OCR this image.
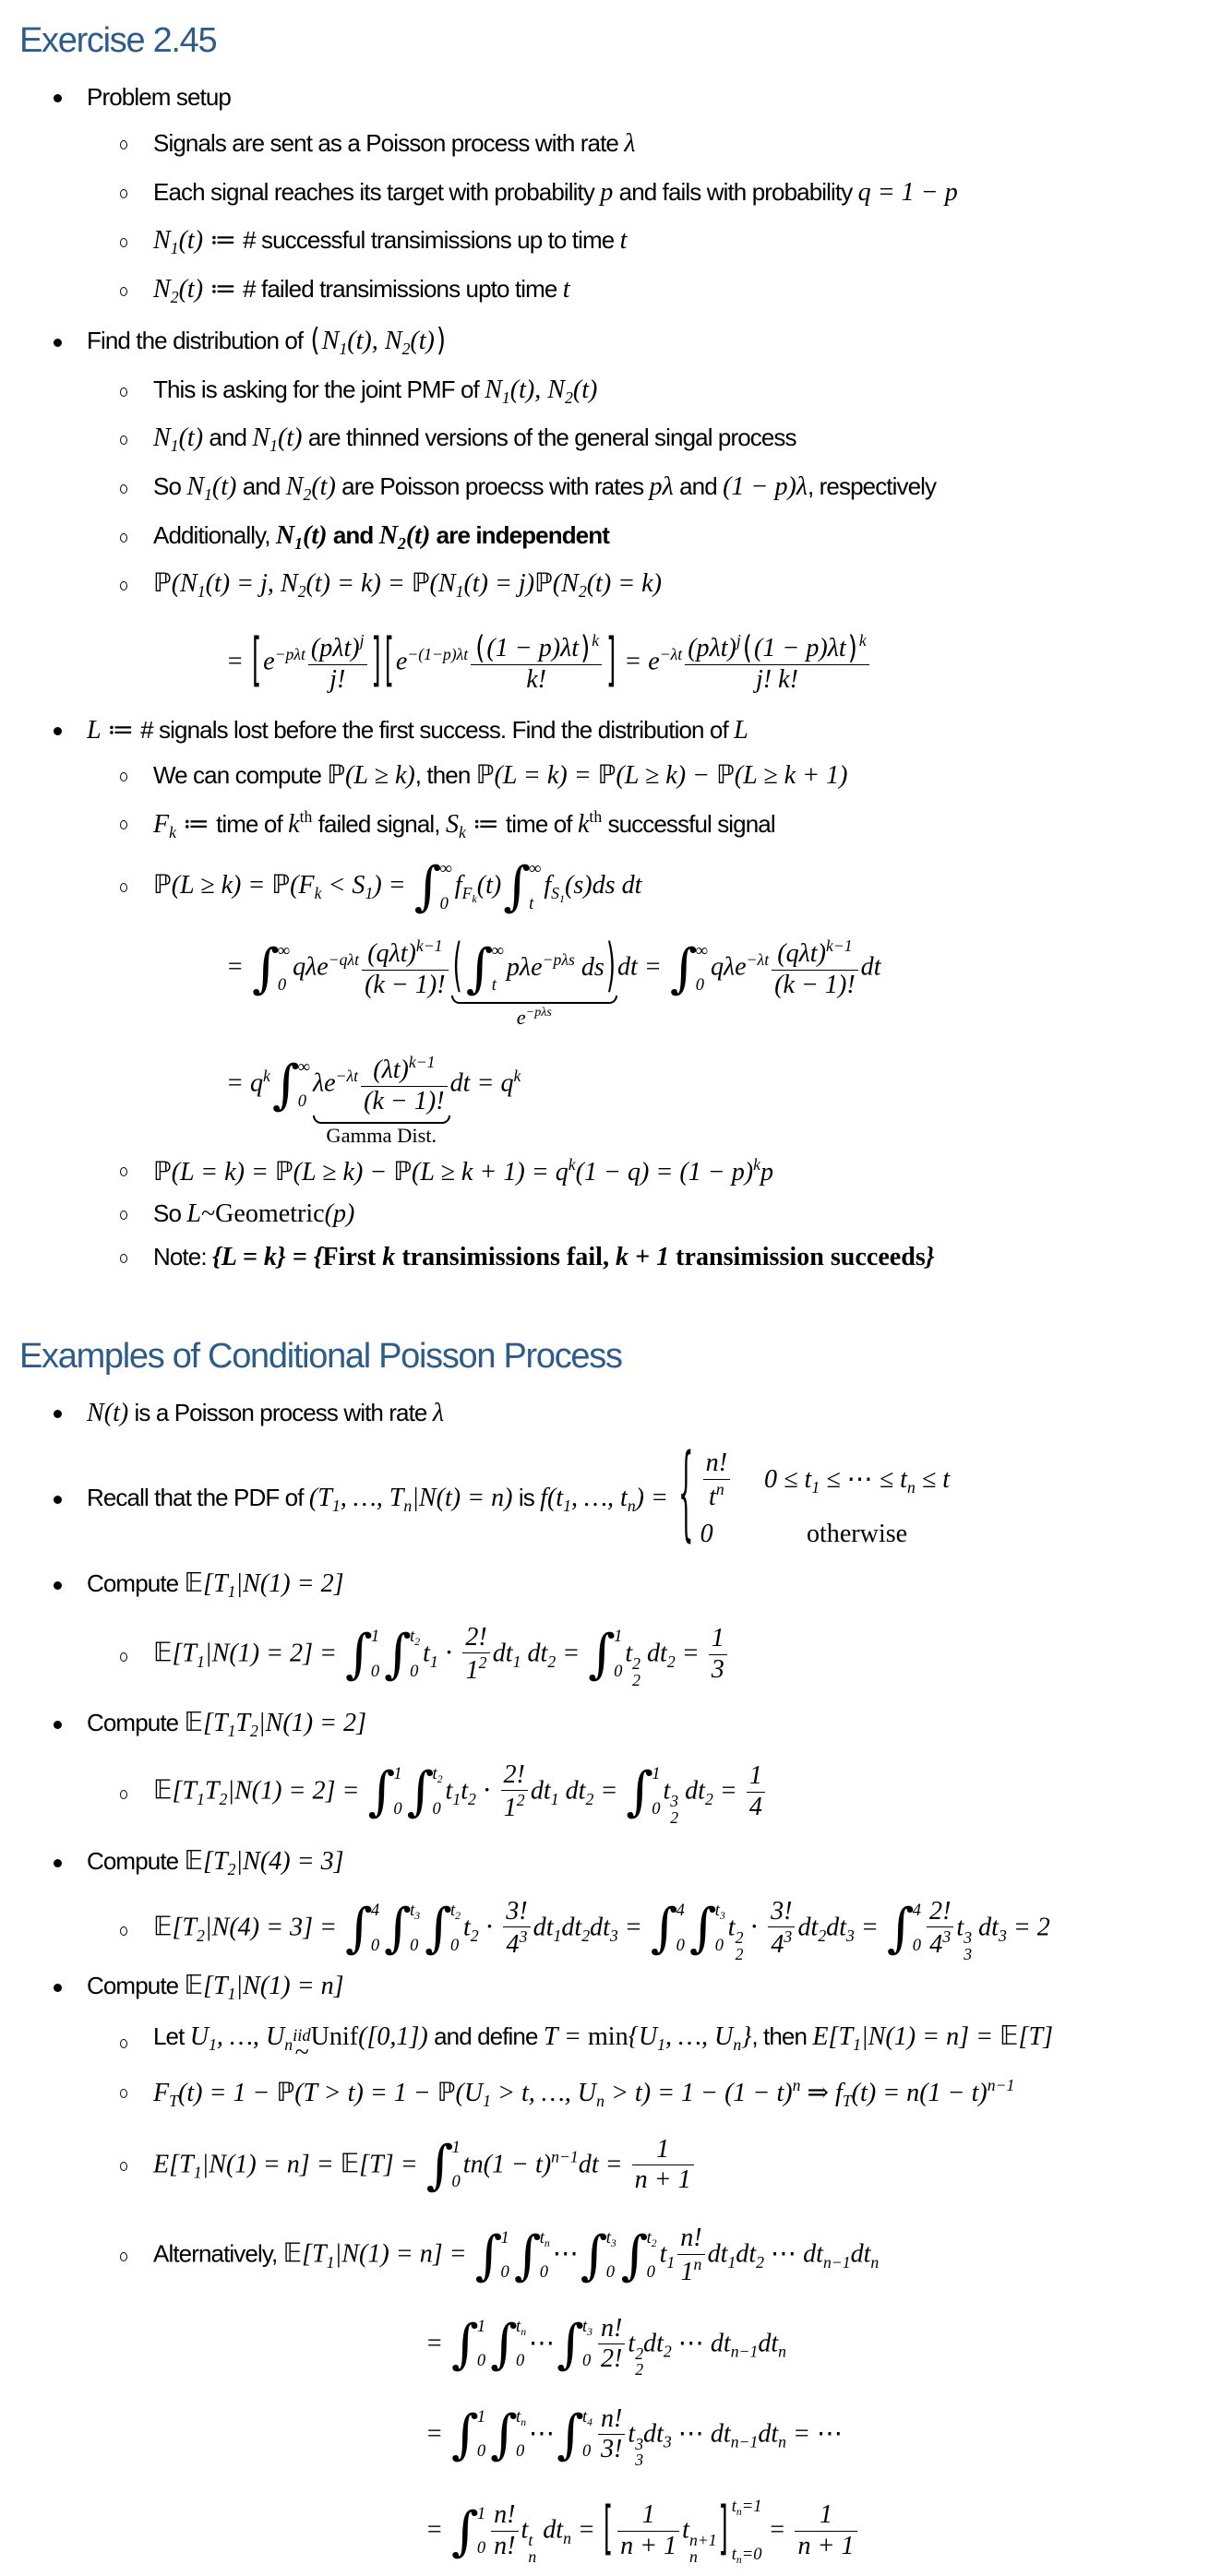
Exercise 2.45
Problem setup
Signals are sent as a Poisson process with rate λ
Each signal reaches its target with probability p and fails with probability q = 1 − p
$N_1(t)$ ≔ # successful transimissions up to time t
$N_2(t)$ ≔ # failed transimissions upto time t
Find the distribution of ($N_1(t)$, $N_2(t)$)
This is asking for the joint PMF of $N_1(t)$, $N_2(t)$
$N_1(t)$ and $N_1(t)$ are thinned versions of the general singal process
So $N_1(t)$ and $N_2(t)$ are Poisson proecss with rates pλ and (1 − p)λ, respectively
Additionally, $N_1(t)$ and $N_2(t)$ are independent
$ℙ(N_1(t) = j$, $N_2(t) = k$) = $ℙ(N_1(t)$ = $j)ℙ(N_2(t) = k)$
= [$e^{-p\lambda t} \frac{(p\lambda t)^j}{j!}$ ] [$e^{-(1-p)\lambda t} \frac{((1 - p)\lambda t) ^k}{k!}$ ] = $e^{-\lambda t} \frac{(p\lambda t)^j((1 - p)\lambda t) ^k}{j! k!}$
L ≔ # signals lost before the first success. Find the distribution of L
We can compute ℙ(L ≥ k), then ℙ(L = k) = ℙ(L ≥ k) − ℙ(L ≥ k + 1)
$F_k$ ≔ time of $k^{th}$ failed signal, $S_k$ ≔ time of $k^{th}$ successful signal
ℙ(L ≥ $k) = ℙ(F_k < S_1)$ = ∫ ∞
0
$f_{F_k}(t)$ ∫ ∞
t
$f_{S_1}(s)ds$ dt
= ∫ ∞
0
$q\lambda e^{-q\lambda t} \frac{(q\lambda t)^{k-1}}{(k - 1)!}$ ( ∫ ∞
t
pλe$^{-p\lambda s}$ ds)
$e^{-p\lambda s}$
dt = ∫ ∞
0
$q\lambda e^{-\lambda t} \frac{(q\lambda t)^{k-1}}{(k - 1)!}$ dt
= $q^k$ ∫ ∞
0
$\lambda e^{-\lambda t} \frac{(\lambda t)^{k-1}}{(k - 1)!}$
Gamma Dist.
dt = $q^k$
ℙ(L = k) = ℙ(L ≥ k) − ℙ(L ≥ $k + 1) = q^k(1 - q) = (1 - p)^kp$
So L~Geometric(p)
Note: {L = k} = {First k transimissions fail, k + 1 transimission succeeds}
Examples of Conditional Poisson Process
N(t) is a Poisson process with rate λ
Recall that the PDF of ($T_1$, …, $T_n|N(t) = n$) is $f(t_1$, …, $t_n$) = { $\frac{n!}{t^n} 0 \le t_1$ ≤ ⋯ ≤ $t_n \le t$
0	otherwise
Compute $𝔼[T_1|N(1) = 2]$
$𝔼[T_1|N(1) = 2]$ = ∫ 1
0 ∫ $t_2$
0
$t_1 \cdot \frac{2!}{1^2} dt_1$ $dt_2$ = ∫ 1
0
t 2
2
$dt_2 = \frac{1}{3}$
Compute $𝔼[T_1T_2|N(1) = 2]$
$𝔼[T_1T_2|N(1) = 2]$ = ∫ 1
0 ∫ $t_2$
0
$t_1t_2 \cdot \frac{2!}{1^2} dt_1$ $dt_2$ = ∫ 1
0
t 3
2
$dt_2 = \frac{1}{4}$
Compute $𝔼[T_2|N(4) = 3]$
$𝔼[T_2|N(4) = 3]$ = ∫ 4
0 ∫ $t_3$
0 ∫ $t_2$
0
$t_2 \cdot \frac{3!}{4^3} dt_1dt_2dt_3$ = ∫ 4
0 ∫ $t_3$
0
t 2
2
⋅ $\frac{3!}{4^3} dt_2dt_3$ = ∫ 4
$0 \frac{2!}{4^3}$ t 3
3
$dt_3 = 2$
Compute $𝔼[T_1|N(1) = n]$
Let $U_1$, …, $U_n$ iid
~
Unif([0,1]) and define $T = \min\{U_1$, …, $U_n$}, then $E[T_1|N(1) = n]$ = 𝔼[T]
$F_T(t) = 1$ − ℙ(T > $t) = 1 - ℙ(U_1 > t$, …, $U_n > t) = 1 - (1 - t)^n$ ⇒ $f_T(t) = n(1 - t)^{n-1}$
$E[T_1|N(1) = n]$ = 𝔼[T] = ∫ 1
0
$tn(1 - t)^{n-1}dt = \frac{1}{n + 1}$
Alternatively, $𝔼[T_1|N(1) = n]$ = ∫ 1
0 ∫ $t_n$
0
⋯ ∫ $t_3$
0 ∫ $t_2$
0
$t_1 \frac{n!}{1^n} dt_1dt_2$ ⋯ $dt_{n-1}dt_n$
= ∫ 1
0 ∫ $t_n$
0
⋯ ∫ $t_3$
$0 \frac{n!}{2!}$ t 2
2
$dt_2$ ⋯ $dt_{n-1}dt_n$
= ∫ 1
0 ∫ $t_n$
0
⋯ ∫ $t_4$
$0 \frac{n!}{3!}$ t 3
3
$dt_3$ ⋯ $dt_{n-1}dt_n$ = ⋯
= ∫ 1
$0 \frac{n!}{n!}$ t t
n
$dt_n$ = [ $\frac{1}{n + 1}$ t n+1
n ] $t_n=1$
$t_n=0$
= $\frac{1}{n + 1}$
